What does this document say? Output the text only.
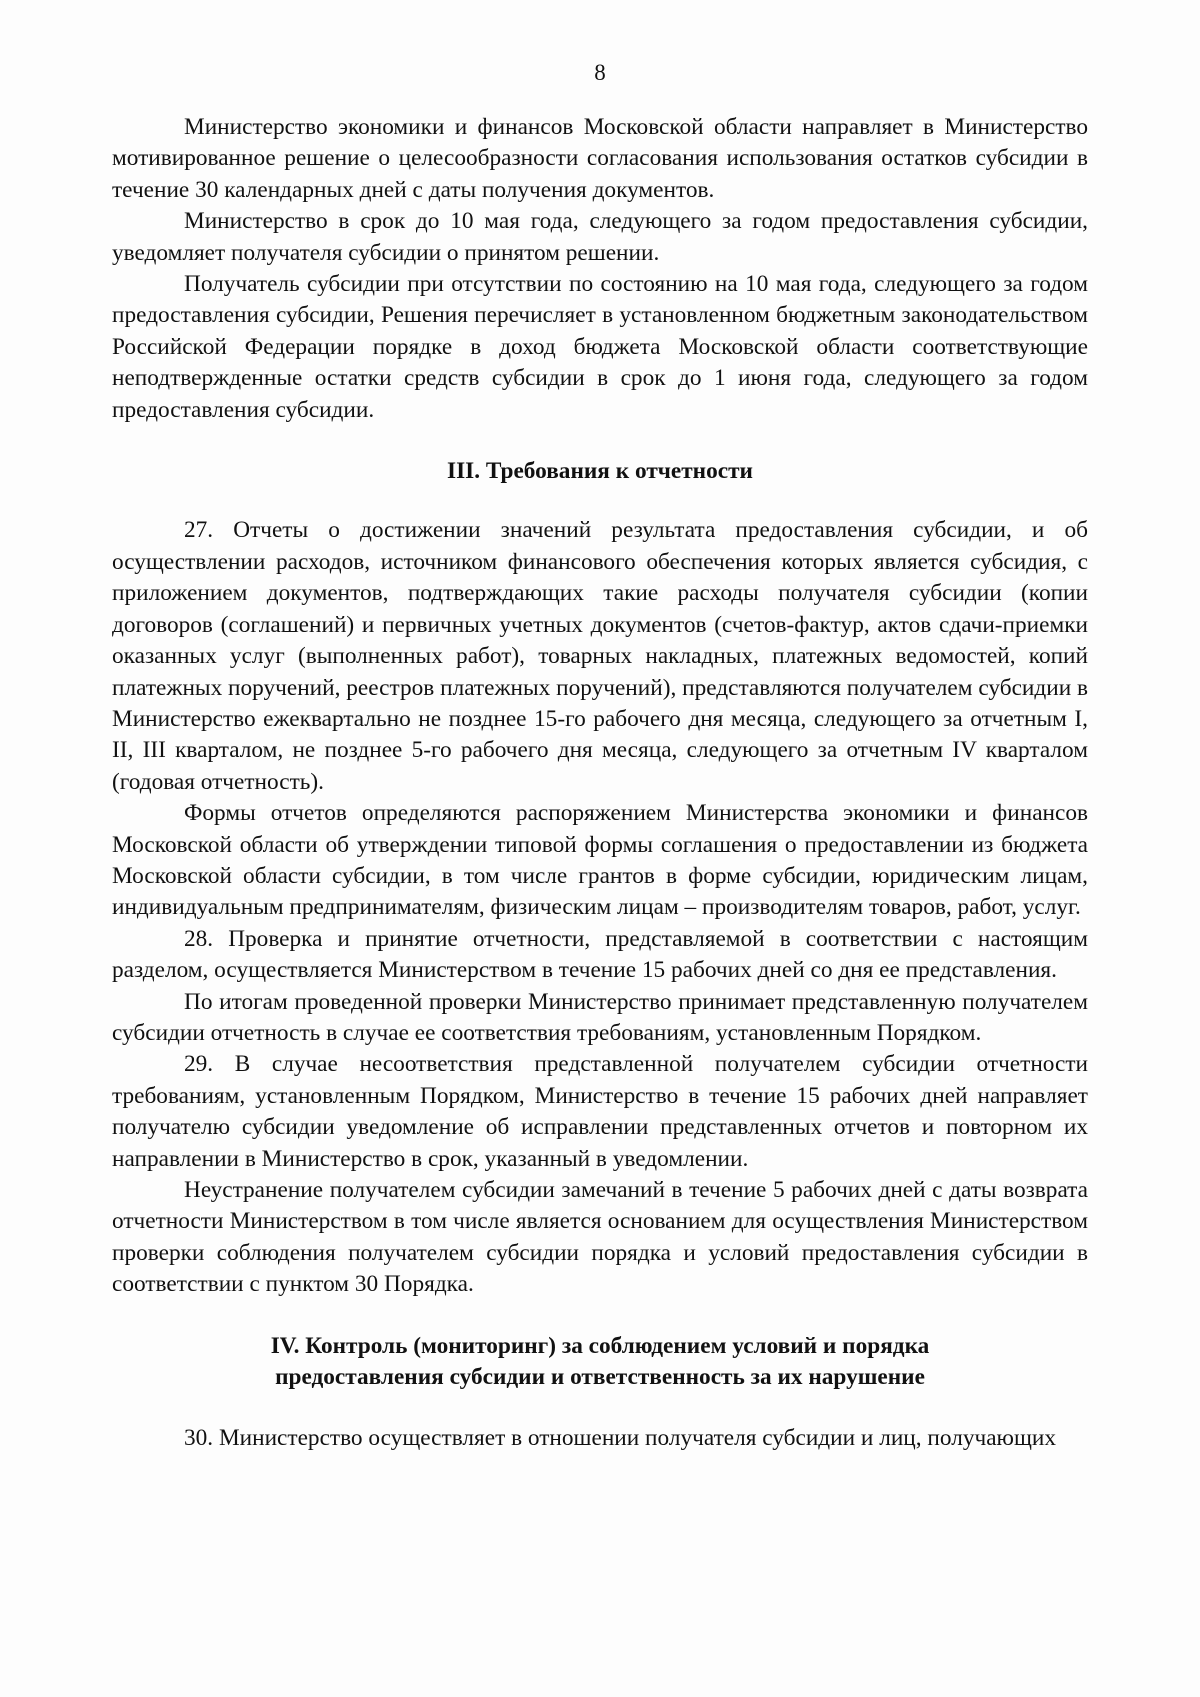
8

Министерство экономики и финансов Московской области направляет в Министерство мотивированное решение о целесообразности согласования использования остатков субсидии в течение 30 календарных дней с даты получения документов.

Министерство в срок до 10 мая года, следующего за годом предоставления субсидии, уведомляет получателя субсидии о принятом решении.

Получатель субсидии при отсутствии по состоянию на 10 мая года, следующего за годом предоставления субсидии, Решения перечисляет в установленном бюджетным законодательством Российской Федерации порядке в доход бюджета Московской области соответствующие неподтвержденные остатки средств субсидии в срок до 1 июня года, следующего за годом предоставления субсидии.

III. Требования к отчетности

27. Отчеты о достижении значений результата предоставления субсидии, и об осуществлении расходов, источником финансового обеспечения которых является субсидия, с приложением документов, подтверждающих такие расходы получателя субсидии (копии договоров (соглашений) и первичных учетных документов (счетов-фактур, актов сдачи-приемки оказанных услуг (выполненных работ), товарных накладных, платежных ведомостей, копий платежных поручений, реестров платежных поручений), представляются получателем субсидии в Министерство ежеквартально не позднее 15-го рабочего дня месяца, следующего за отчетным I, II, III кварталом, не позднее 5-го рабочего дня месяца, следующего за отчетным IV кварталом (годовая отчетность).

Формы отчетов определяются распоряжением Министерства экономики и финансов Московской области об утверждении типовой формы соглашения о предоставлении из бюджета Московской области субсидии, в том числе грантов в форме субсидии, юридическим лицам, индивидуальным предпринимателям, физическим лицам – производителям товаров, работ, услуг.

28. Проверка и принятие отчетности, представляемой в соответствии с настоящим разделом, осуществляется Министерством в течение 15 рабочих дней со дня ее представления.

По итогам проведенной проверки Министерство принимает представленную получателем субсидии отчетность в случае ее соответствия требованиям, установленным Порядком.

29. В случае несоответствия представленной получателем субсидии отчетности требованиям, установленным Порядком, Министерство в течение 15 рабочих дней направляет получателю субсидии уведомление об исправлении представленных отчетов и повторном их направлении в Министерство в срок, указанный в уведомлении.

Неустранение получателем субсидии замечаний в течение 5 рабочих дней с даты возврата отчетности Министерством в том числе является основанием для осуществления Министерством проверки соблюдения получателем субсидии порядка и условий предоставления субсидии в соответствии с пунктом 30 Порядка.

IV. Контроль (мониторинг) за соблюдением условий и порядка
предоставления субсидии и ответственность за их нарушение

30. Министерство осуществляет в отношении получателя субсидии и лиц, получающих
